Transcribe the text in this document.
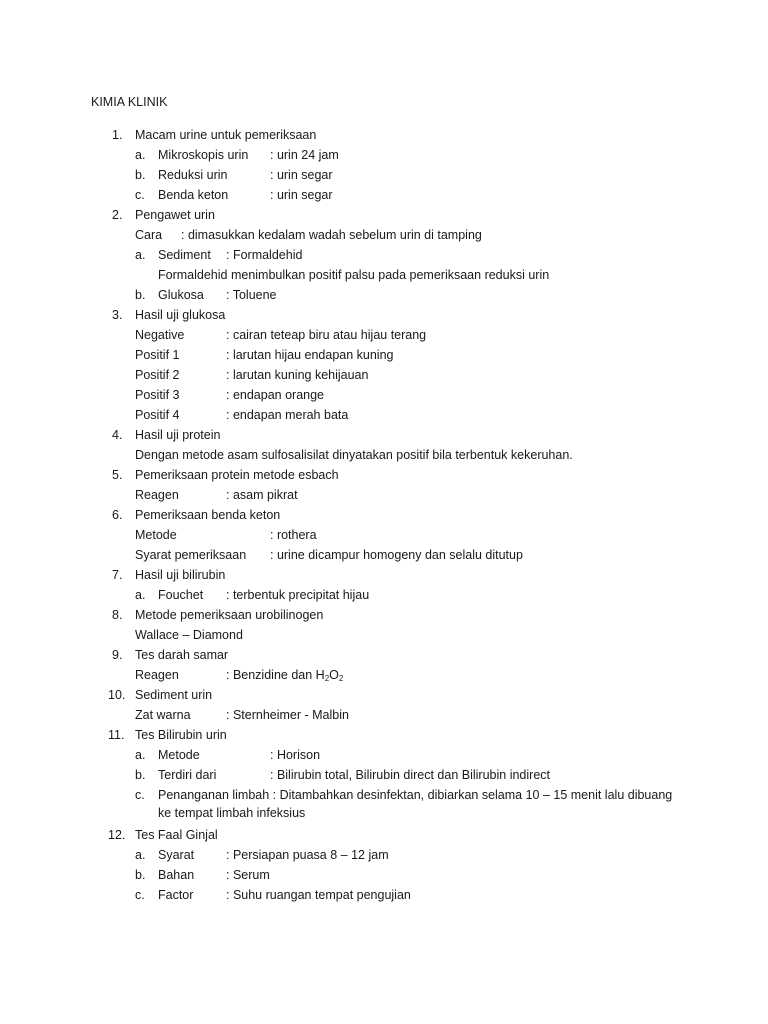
KIMIA KLINIK
1. Macam urine untuk pemeriksaan
a. Mikroskopis urin : urin 24 jam
b. Reduksi urin	: urin segar
c. Benda keton	: urin segar
2. Pengawet urin
Cara : dimasukkan kedalam wadah sebelum urin di tamping
a. Sediment : Formaldehid
Formaldehid menimbulkan positif palsu pada pemeriksaan reduksi urin
b. Glukosa : Toluene
3. Hasil uji glukosa
Negative	: cairan teteap biru atau hijau terang
Positif 1	: larutan hijau endapan kuning
Positif 2	: larutan kuning kehijauan
Positif 3	: endapan orange
Positif 4	: endapan merah bata
4. Hasil uji protein
Dengan metode asam sulfosalisilat dinyatakan positif bila terbentuk kekeruhan.
5. Pemeriksaan protein metode esbach
Reagen	: asam pikrat
6. Pemeriksaan benda keton
Metode	: rothera
Syarat pemeriksaan : urine dicampur homogeny dan selalu ditutup
7. Hasil uji bilirubin
a. Fouchet : terbentuk precipitat hijau
8. Metode pemeriksaan urobilinogen
Wallace – Diamond
9. Tes darah samar
Reagen	: Benzidine dan $H_2O_2$
10. Sediment urin
Zat warna	: Sternheimer - Malbin
11. Tes Bilirubin urin
a. Metode	: Horison
b. Terdiri dari	: Bilirubin total, Bilirubin direct dan Bilirubin indirect
c. Penanganan limbah : Ditambahkan desinfektan, dibiarkan selama 10 – 15 menit lalu dibuang
ke tempat limbah infeksius
12. Tes Faal Ginjal
a. Syarat	: Persiapan puasa 8 – 12 jam
b. Bahan	: Serum
c. Factor	: Suhu ruangan tempat pengujian
